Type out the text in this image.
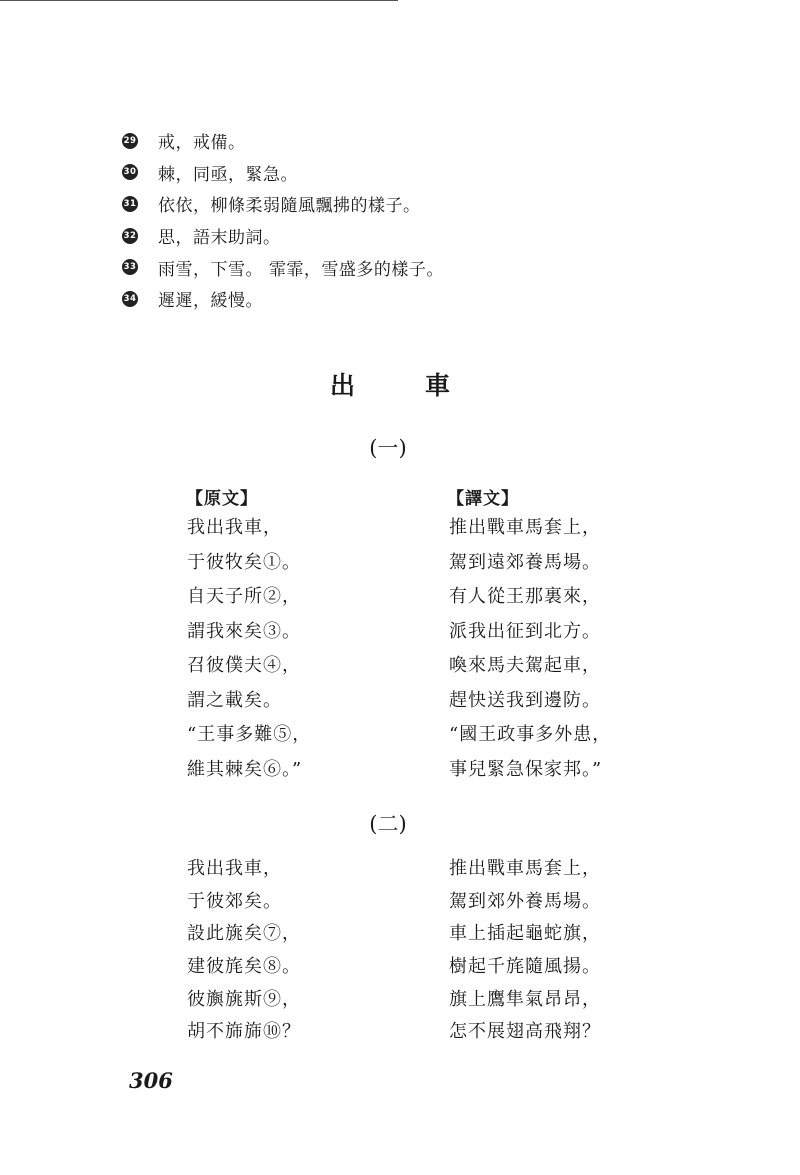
29 戒，戒備。
30 棘，同亟，緊急。
31 依依，柳條柔弱隨風飄拂的樣子。
32 思，語末助詞。
33 雨雪，下雪。 霏霏，雪盛多的樣子。
34 遲遲，緩慢。
出	車
(一)
【原文】	【譯文】
我出我車，
于彼牧矣①。
自天子所②，
謂我來矣③。
召彼僕夫④，
謂之載矣。
“王事多難⑤，
維其棘矣⑥。”
推出戰車馬套上，
駕到遠郊養馬場。
有人從王那裏來，
派我出征到北方。
喚來馬夫駕起車，
趕快送我到邊防。
“國王政事多外患，
事兒緊急保家邦。”
(二)
我出我車，
于彼郊矣。
設此旐矣⑦，
建彼旄矣⑧。
彼旟旐斯⑨，
胡不旆旆⑩？
推出戰車馬套上，
駕到郊外養馬場。
車上插起龜蛇旗，
樹起千旄隨風揚。
旗上鷹隼氣昂昂，
怎不展翅高飛翔？
306
